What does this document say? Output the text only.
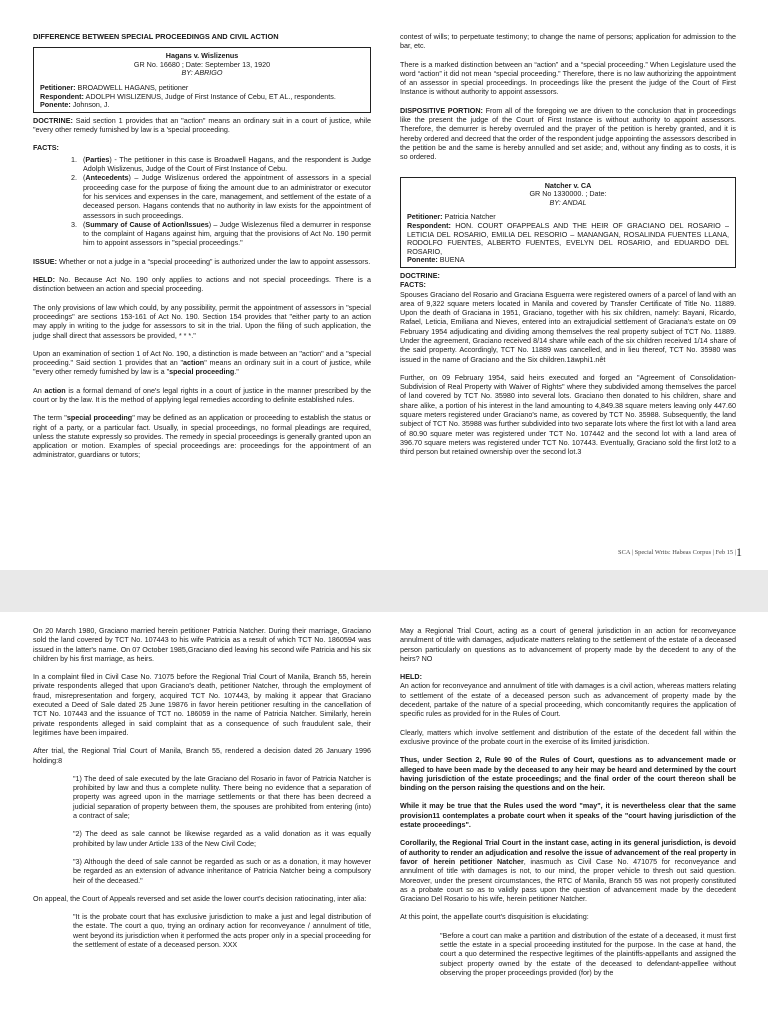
DIFFERENCE BETWEEN SPECIAL PROCEEDINGS AND CIVIL ACTION
Hagans v. Wislizenus
GR No. 16680 ; Date: September 13, 1920
BY: ABRIGO
Petitioner: BROADWELL HAGANS, petitioner
Respondent: ADOLPH WISLIZENUS, Judge of First Instance of Cebu, ET AL., respondents.
Ponente: Johnson, J.

DOCTRINE: Said section 1 provides that an "action" means an ordinary suit in a court of justice, while "every other remedy furnished by law is a 'special proceeding.

FACTS:
1. (Parties) - The petitioner in this case is Broadwell Hagans, and the respondent is Judge Adolph Wislizenus, Judge of the Court of First Instance of Cebu.
2. (Antecedents) – Judge Wislizenus ordered the appointment of assessors in a special proceeding case for the purpose of fixing the amount due to an administrator or executor for his services and expenses in the care, management, and settlement of the estate of a deceased person. Hagans contends that no authority in law exists for the appointment of assessors in such proceedings.
3. (Summary of Cause of Action/Issues) – Judge Wislezenus filed a demurrer in response to the complaint of Hagans against him, arguing that the provisions of Act No. 190 permit him to appoint assessors in "special proceedings."

ISSUE: Whether or not a judge in a “special proceeding” is authorized under the law to appoint assessors.

HELD: No. Because Act No. 190 only applies to actions and not special proceedings. There is a distinction between an action and special proceeding.

The only provisions of law which could, by any possibility, permit the appointment of assessors in "special proceedings" are sections 153-161 of Act No. 190. Section 154 provides that "either party to an action may apply in writing to the judge for assessors to sit in the trial. Upon the filing of such application, the judge shall direct that assessors be provided, * * *."

Upon an examination of section 1 of Act No. 190, a distinction is made between an "action" and a "special proceeding." Said section 1 provides that an "action" means an ordinary suit in a court of justice, while "every other remedy furnished by law is a "special proceeding."

An action is a formal demand of one's legal rights in a court of justice in the manner prescribed by the court or by the law. It is the method of applying legal remedies according to definite established rules.

The term "special proceeding" may be defined as an application or proceeding to establish the status or right of a party, or a particular fact. Usually, in special proceedings, no formal pleadings are required, unless the statute expressly so provides. The remedy in special proceedings is generally granted upon an application or motion. Examples of special proceedings are: proceedings for the appointment of an administrator, guardians or tutors;

contest of wills; to perpetuate testimony; to change the name of persons; application for admission to the bar, etc.

There is a marked distinction between an “action” and a “special proceeding.” When Legislature used the word “action” it did not mean “special proceeding.” Therefore, there is no law authorizing the appointment of an assessor in special proceedings. In proceedings like the present the judge of the Court of First Instance is without authority to appoint assessors.

DISPOSITIVE PORTION: From all of the foregoing we are driven to the conclusion that in proceedings like the present the judge of the Court of First Instance is without authority to appoint assessors. Therefore, the demurrer is hereby overruled and the prayer of the petition is hereby granted, and it is hereby ordered and decreed that the order of the respondent judge appointing the assessors described in the petition be and the same is hereby annulled and set aside; and, without any finding as to costs, it is so ordered.

Natcher v. CA
GR No 1330000. ; Date:
BY: ANDAL
Petitioner: Patricia Natcher
Respondent: HON. COURT OFAPPEALS AND THE HEIR OF GRACIANO DEL ROSARIO – LETICIA DEL ROSARIO, EMILIA DEL RESORIO – MANANGAN, ROSALINDA FUENTES LLANA, RODOLFO FUENTES, ALBERTO FUENTES, EVELYN DEL ROSARIO, and EDUARDO DEL ROSARIO,
Ponente: BUENA
DOCTRINE:
FACTS:

Spouses Graciano del Rosario and Graciana Esguerra were registered owners of a parcel of land with an area of 9,322 square meters located in Manila and covered by Transfer Certificate of Title No. 11889. Upon the death of Graciana in 1951, Graciano, together with his six children, namely: Bayani, Ricardo, Rafael, Leticia, Emiliana and Nieves, entered into an extrajudicial settlement of Graciana's estate on 09 February 1954 adjudicating and dividing among themselves the real property subject of TCT No. 11889. Under the agreement, Graciano received 8/14 share while each of the six children received 1/14 share of the said property. Accordingly, TCT No. 11889 was cancelled, and in lieu thereof, TCT No. 35980 was issued in the name of Graciano and the Six children.1äwphi1.nêt

Further, on 09 February 1954, said heirs executed and forged an "Agreement of Consolidation-Subdivision of Real Property with Waiver of Rights" where they subdivided among themselves the parcel of land covered by TCT No. 35980 into several lots. Graciano then donated to his children, share and share alike, a portion of his interest in the land amounting to 4,849.38 square meters leaving only 447.60 square meters registered under Graciano's name, as covered by TCT No. 35988. Subsequently, the land subject of TCT No. 35988 was further subdivided into two separate lots where the first lot with a land area of 80.90 square meter was registered under TCT No. 107442 and the second lot with a land area of 396.70 square meters was registered under TCT No. 107443. Eventually, Graciano sold the first lot2 to a third person but retained ownership over the second lot.3

SCA | Special Writs: Habeas Corpus | Feb 15 |1

On 20 March 1980, Graciano married herein petitioner Patricia Natcher. During their marriage, Graciano sold the land covered by TCT No. 107443 to his wife Patricia as a result of which TCT No. 1860594 was issued in the latter's name. On 07 October 1985,Graciano died leaving his second wife Patricia and his six children by his first marriage, as heirs.

In a complaint filed in Civil Case No. 71075 before the Regional Trial Court of Manila, Branch 55, herein private respondents alleged that upon Graciano's death, petitioner Natcher, through the employment of fraud, misrepresentation and forgery, acquired TCT No. 107443, by making it appear that Graciano executed a Deed of Sale dated 25 June 19876 in favor herein petitioner resulting in the cancellation of TCT No. 107443 and the issuance of TCT no. 186059 in the name of Patricia Natcher. Similarly, herein private respondents alleged in said complaint that as a consequence of such fraudulent sale, their legitimes have been impaired.

After trial, the Regional Trial Court of Manila, Branch 55, rendered a decision dated 26 January 1996 holding:8

"1) The deed of sale executed by the late Graciano del Rosario in favor of Patricia Natcher is prohibited by law and thus a complete nullity. There being no evidence that a separation of property was agreed upon in the marriage settlements or that there has been decreed a judicial separation of property between them, the spouses are prohibited from entering (into) a contract of sale;

"2) The deed as sale cannot be likewise regarded as a valid donation as it was equally prohibited by law under Article 133 of the New Civil Code;

"3) Although the deed of sale cannot be regarded as such or as a donation, it may however be regarded as an extension of advance inheritance of Patricia Natcher being a compulsory heir of the deceased."

On appeal, the Court of Appeals reversed and set aside the lower court's decision ratiocinating, inter alia:

"It is the probate court that has exclusive jurisdiction to make a just and legal distribution of the estate. The court a quo, trying an ordinary action for reconveyance / annulment of title, went beyond its jurisdiction when it performed the acts proper only in a special proceeding for the settlement of estate of a deceased person. XXX

May a Regional Trial Court, acting as a court of general jurisdiction in an action for reconveyance annulment of title with damages, adjudicate matters relating to the settlement of the estate of a deceased person particularly on questions as to advancement of property made by the decedent to any of the heirs? NO

HELD:

An action for reconveyance and annulment of title with damages is a civil action, whereas matters relating to settlement of the estate of a deceased person such as advancement of property made by the decedent, partake of the nature of a special proceeding, which concomitantly requires the application of specific rules as provided for in the Rules of Court.

Clearly, matters which involve settlement and distribution of the estate of the decedent fall within the exclusive province of the probate court in the exercise of its limited jurisdiction.

Thus, under Section 2, Rule 90 of the Rules of Court, questions as to advancement made or alleged to have been made by the deceased to any heir may be heard and determined by the court having jurisdiction of the estate proceedings; and the final order of the court thereon shall be binding on the person raising the questions and on the heir.

While it may be true that the Rules used the word "may", it is nevertheless clear that the same provision11 contemplates a probate court when it speaks of the "court having jurisdiction of the estate proceedings".

Corollarily, the Regional Trial Court in the instant case, acting in its general jurisdiction, is devoid of authority to render an adjudication and resolve the issue of advancement of the real property in favor of herein petitioner Natcher, inasmuch as Civil Case No. 471075 for reconveyance and annulment of title with damages is not, to our mind, the proper vehicle to thresh out said question. Moreover, under the present circumstances, the RTC of Manila, Branch 55 was not properly constituted as a probate court so as to validly pass upon the question of advancement made by the decedent Graciano Del Rosario to his wife, herein petitioner Natcher.

At this point, the appellate court's disquisition is elucidating:

"Before a court can make a partition and distribution of the estate of a deceased, it must first settle the estate in a special proceeding instituted for the purpose. In the case at hand, the court a quo determined the respective legitimes of the plaintiffs-appellants and assigned the subject property owned by the estate of the deceased to defendant-appellee without observing the proper proceedings provided (for) by the
